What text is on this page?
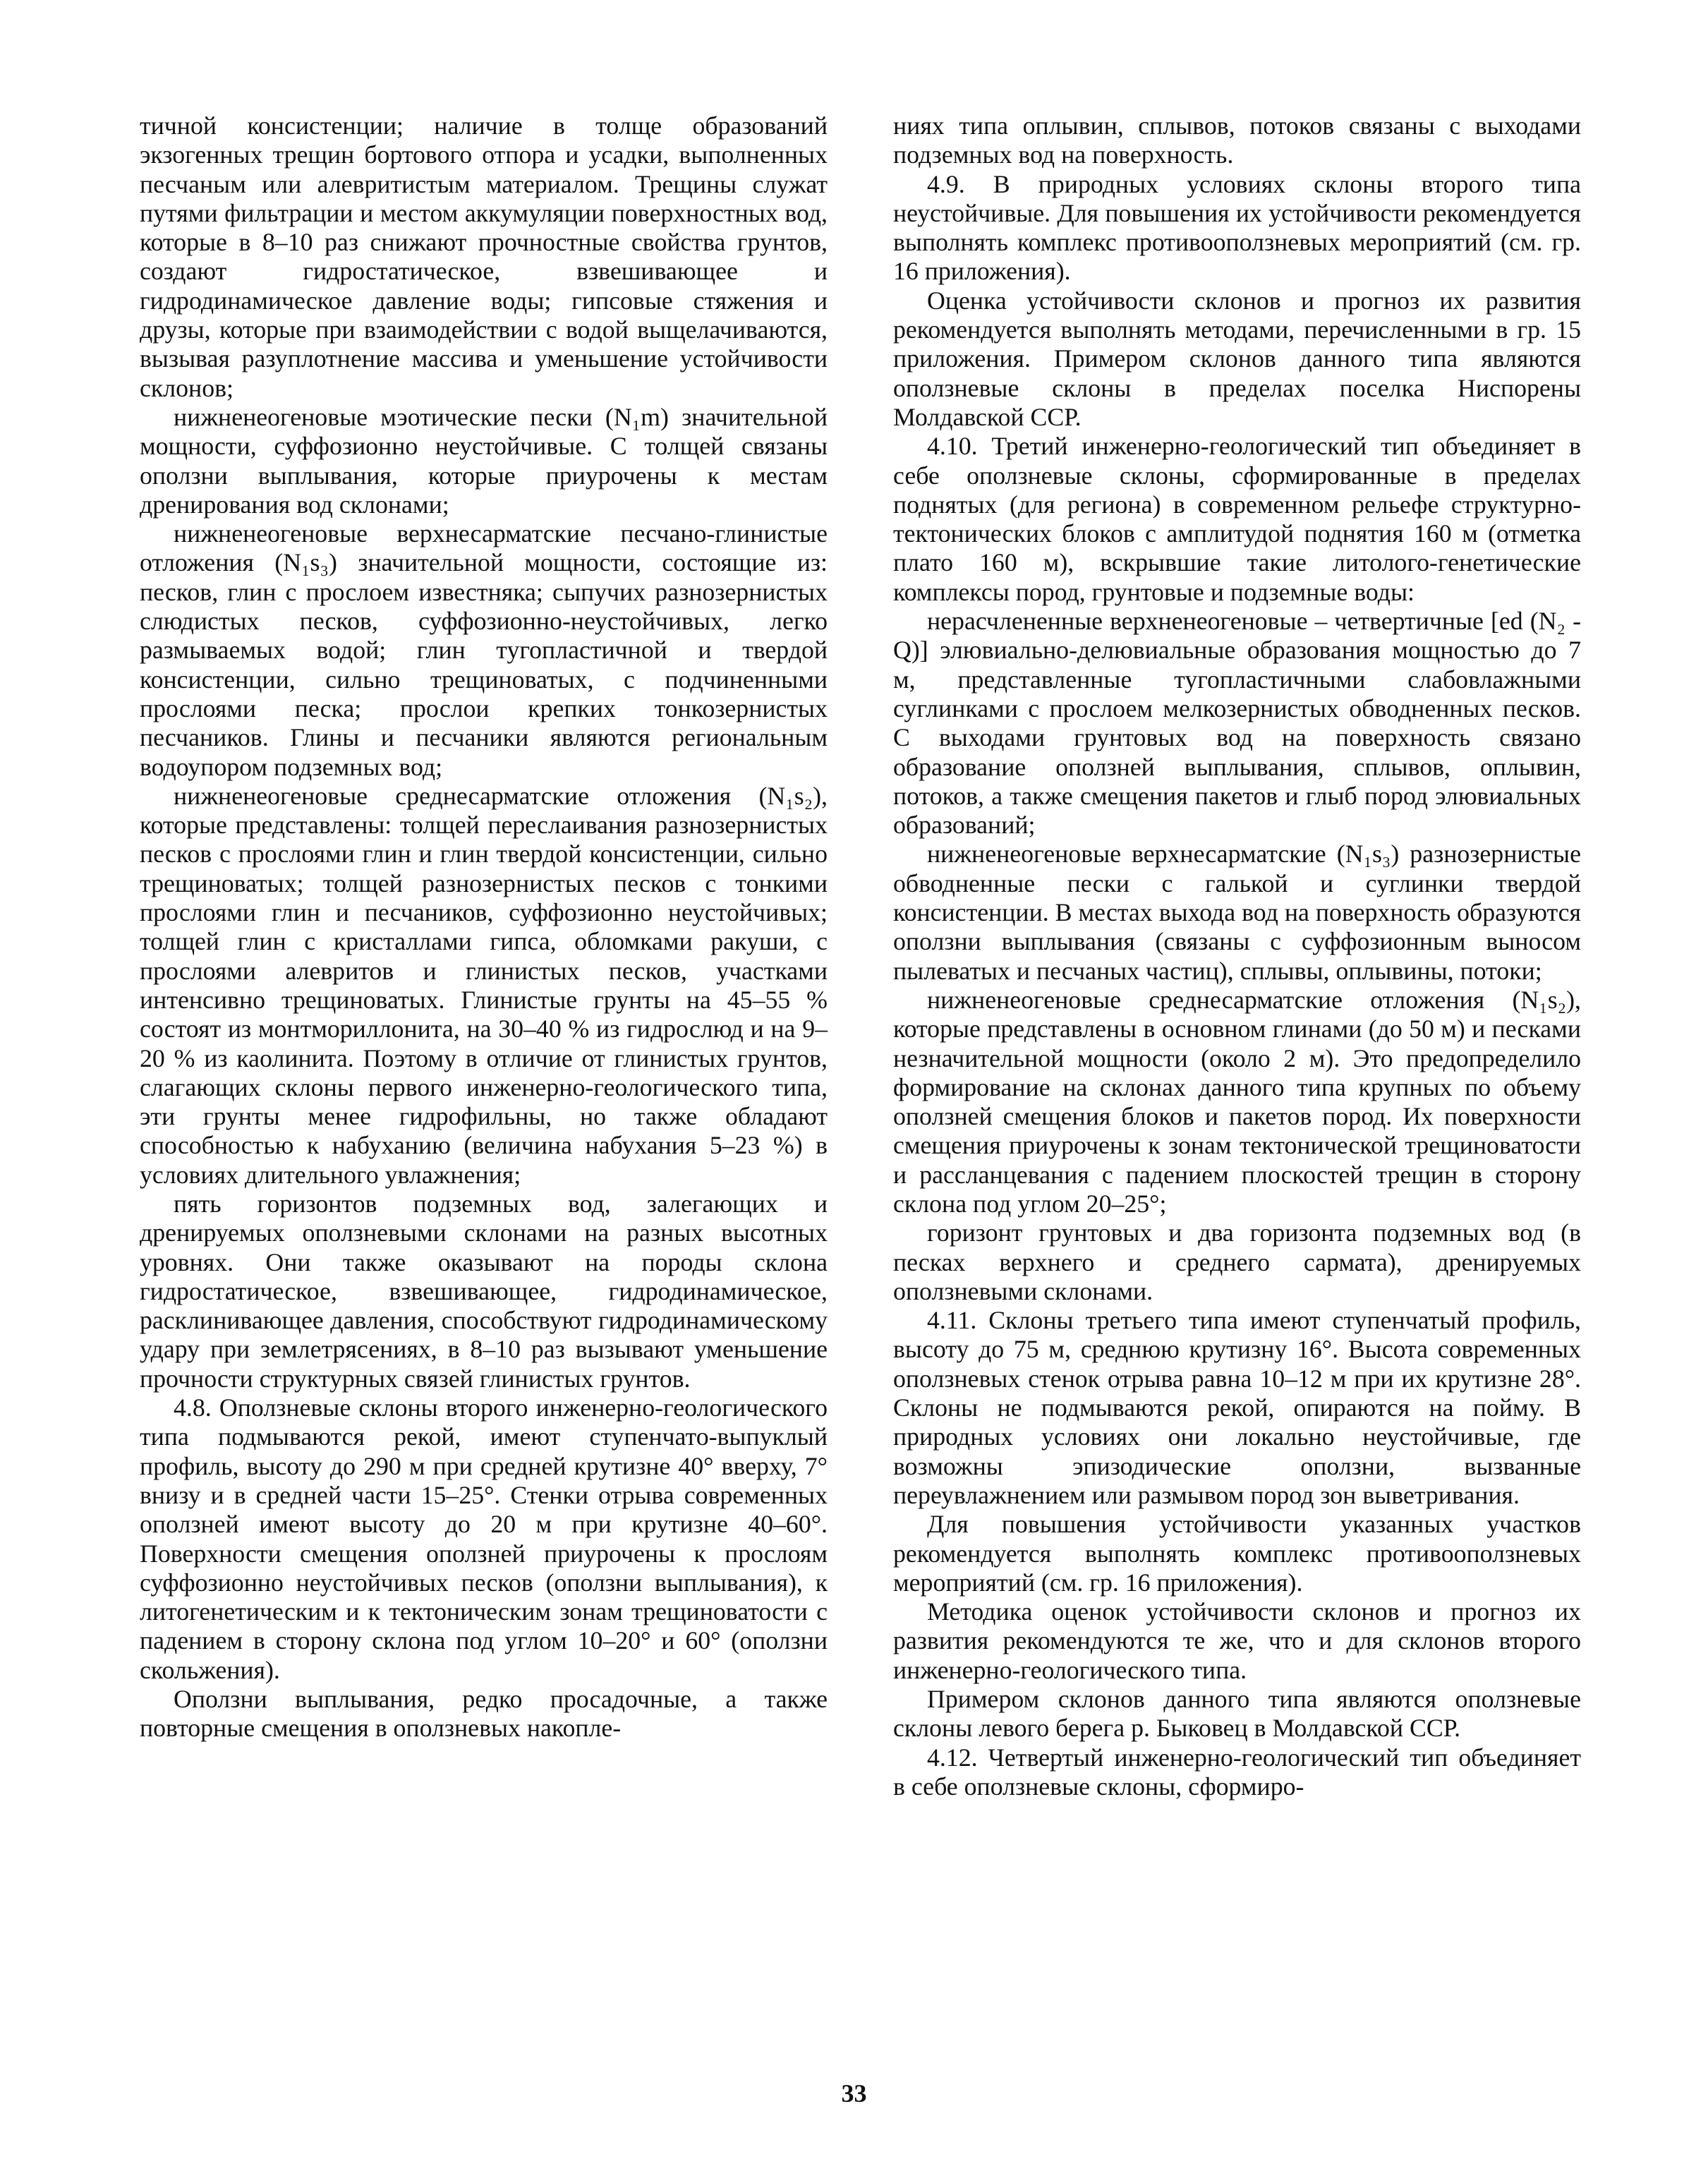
тичной консистенции; наличие в толще образований экзогенных трещин бортового отпора и усадки, выполненных песчаным или алевритистым материалом. Трещины служат путями фильтрации и местом аккумуляции поверхностных вод, которые в 8–10 раз снижают прочностные свойства грунтов, создают гидростатическое, взвешивающее и гидродинамическое давление воды; гипсовые стяжения и друзы, которые при взаимодействии с водой выщелачиваются, вызывая разуплотнение массива и уменьшение устойчивости склонов;

нижненеогеновые мэотические пески (N₁m) значительной мощности, суффозионно неустойчивые. С толщей связаны оползни выплывания, которые приурочены к местам дренирования вод склонами;

нижненеогеновые верхнесарматские песчано-глинистые отложения (N₁s₃) значительной мощности, состоящие из: песков, глин с прослоем известняка; сыпучих разнозернистых слюдистых песков, суффозионно-неустойчивых, легко размываемых водой; глин тугопластичной и твердой консистенции, сильно трещиноватых, с подчиненными прослоями песка; прослои крепких тонкозернистых песчаников. Глины и песчаники являются региональным водоупором подземных вод;

нижненеогеновые среднесарматские отложения (N₁s₂), которые представлены: толщей переслаивания разнозернистых песков с прослоями глин и глин твердой консистенции, сильно трещиноватых; толщей разнозернистых песков с тонкими прослоями глин и песчаников, суффозионно неустойчивых; толщей глин с кристаллами гипса, обломками ракуши, с прослоями алевритов и глинистых песков, участками интенсивно трещиноватых. Глинистые грунты на 45–55 % состоят из монтмориллонита, на 30–40 % из гидрослюд и на 9–20 % из каолинита. Поэтому в отличие от глинистых грунтов, слагающих склоны первого инженерно-геологического типа, эти грунты менее гидрофильны, но также обладают способностью к набуханию (величина набухания 5–23 %) в условиях длительного увлажнения;

пять горизонтов подземных вод, залегающих и дренируемых оползневыми склонами на разных высотных уровнях. Они также оказывают на породы склона гидростатическое, взвешивающее, гидродинамическое, расклинивающее давления, способствуют гидродинамическому удару при землетрясениях, в 8–10 раз вызывают уменьшение прочности структурных связей глинистых грунтов.

4.8. Оползневые склоны второго инженерно-геологического типа подмываются рекой, имеют ступенчато-выпуклый профиль, высоту до 290 м при средней крутизне 40° вверху, 7° внизу и в средней части 15–25°. Стенки отрыва современных оползней имеют высоту до 20 м при крутизне 40–60°. Поверхности смещения оползней приурочены к прослоям суффозионно неустойчивых песков (оползни выплывания), к литогенетическим и к тектоническим зонам трещиноватости с падением в сторону склона под углом 10–20° и 60° (оползни скольжения).

Оползни выплывания, редко просадочные, а также повторные смещения в оползневых накопле-

ниях типа оплывин, сплывов, потоков связаны с выходами подземных вод на поверхность.

4.9. В природных условиях склоны второго типа неустойчивые. Для повышения их устойчивости рекомендуется выполнять комплекс противооползневых мероприятий (см. гр. 16 приложения).

Оценка устойчивости склонов и прогноз их развития рекомендуется выполнять методами, перечисленными в гр. 15 приложения. Примером склонов данного типа являются оползневые склоны в пределах поселка Ниспорены Молдавской ССР.

4.10. Третий инженерно-геологический тип объединяет в себе оползневые склоны, сформированные в пределах поднятых (для региона) в современном рельефе структурно-тектонических блоков с амплитудой поднятия 160 м (отметка плато 160 м), вскрывшие такие литолого-генетические комплексы пород, грунтовые и подземные воды:

нерасчлененные верхненеогеновые – четвертичные [ed (N₂ - Q)] элювиально-делювиальные образования мощностью до 7 м, представленные тугопластичными слабовлажными суглинками с прослоем мелкозернистых обводненных песков. С выходами грунтовых вод на поверхность связано образование оползней выплывания, сплывов, оплывин, потоков, а также смещения пакетов и глыб пород элювиальных образований;

нижненеогеновые верхнесарматские (N₁s₃) разнозернистые обводненные пески с галькой и суглинки твердой консистенции. В местах выхода вод на поверхность образуются оползни выплывания (связаны с суффозионным выносом пылеватых и песчаных частиц), сплывы, оплывины, потоки;

нижненеогеновые среднесарматские отложения (N₁s₂), которые представлены в основном глинами (до 50 м) и песками незначительной мощности (около 2 м). Это предопределило формирование на склонах данного типа крупных по объему оползней смещения блоков и пакетов пород. Их поверхности смещения приурочены к зонам тектонической трещиноватости и рассланцевания с падением плоскостей трещин в сторону склона под углом 20–25°;

горизонт грунтовых и два горизонта подземных вод (в песках верхнего и среднего сармата), дренируемых оползневыми склонами.

4.11. Склоны третьего типа имеют ступенчатый профиль, высоту до 75 м, среднюю крутизну 16°. Высота современных оползневых стенок отрыва равна 10–12 м при их крутизне 28°. Склоны не подмываются рекой, опираются на пойму. В природных условиях они локально неустойчивые, где возможны эпизодические оползни, вызванные переувлажнением или размывом пород зон выветривания.

Для повышения устойчивости указанных участков рекомендуется выполнять комплекс противооползневых мероприятий (см. гр. 16 приложения).

Методика оценок устойчивости склонов и прогноз их развития рекомендуются те же, что и для склонов второго инженерно-геологического типа.

Примером склонов данного типа являются оползневые склоны левого берега р. Быковец в Молдавской ССР.

4.12. Четвертый инженерно-геологический тип объединяет в себе оползневые склоны, сформиро-

33
